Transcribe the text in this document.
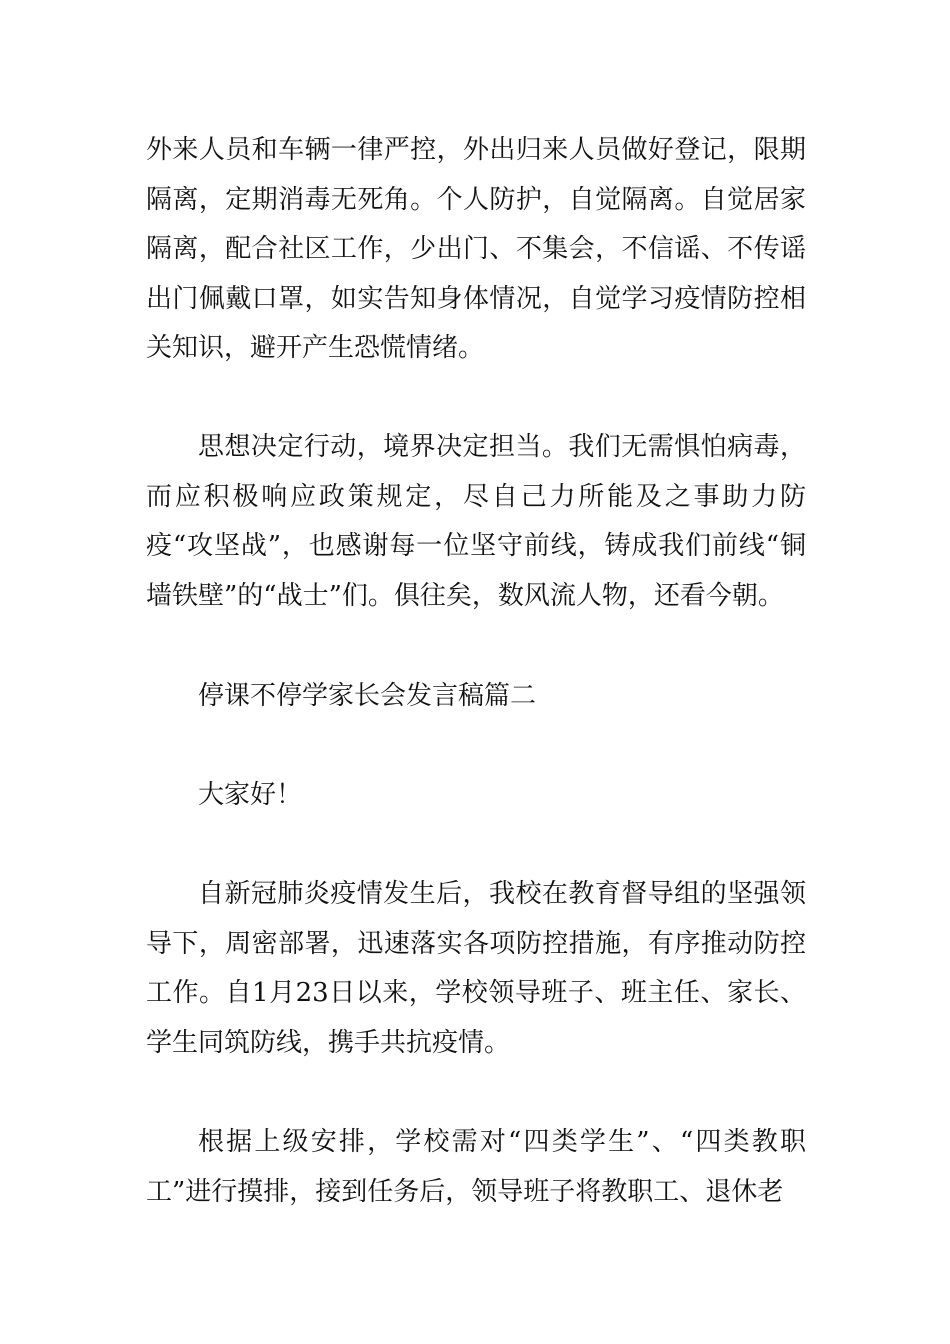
外来人员和车辆一律严控，外出归来人员做好登记，限期隔离，定期消毒无死角。个人防护，自觉隔离。自觉居家隔离，配合社区工作，少出门、不集会，不信谣、不传谣出门佩戴口罩，如实告知身体情况，自觉学习疫情防控相关知识，避开产生恐慌情绪。

思想决定行动，境界决定担当。我们无需惧怕病毒，而应积极响应政策规定，尽自己力所能及之事助力防疫“攻坚战”，也感谢每一位坚守前线，铸成我们前线“铜墙铁壁”的“战士”们。俱往矣，数风流人物，还看今朝。

停课不停学家长会发言稿篇二

大家好！

自新冠肺炎疫情发生后，我校在教育督导组的坚强领导下，周密部署，迅速落实各项防控措施，有序推动防控工作。自1月23日以来，学校领导班子、班主任、家长、学生同筑防线，携手共抗疫情。

根据上级安排，学校需对“四类学生”、“四类教职工”进行摸排，接到任务后，领导班子将教职工、退休老
